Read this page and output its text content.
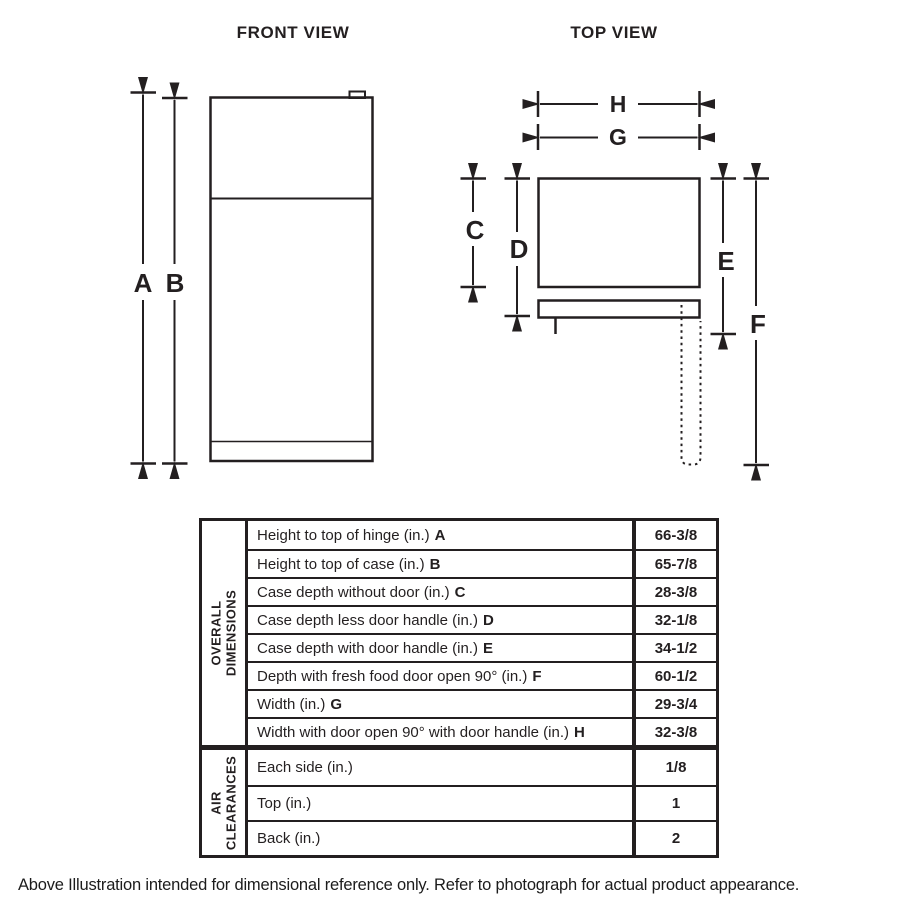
FRONT VIEW	TOP VIEW
A B
H
G
C
D	E
F
OVERALL DIMENSIONS
Height to top of hinge (in.) A	66-3/8
Height to top of case (in.) B	65-7/8
Case depth without door (in.) C	28-3/8
Case depth less door handle (in.) D	32-1/8
Case depth with door handle (in.) E	34-1/2
Depth with fresh food door open 90° (in.) F	60-1/2
Width (in.) G	29-3/4
Width with door open 90° with door handle (in.) H	32-3/8
AIR CLEARANCES Each side (in.)	1/8
Top (in.)	1
Back (in.)	2
Above Illustration intended for dimensional reference only. Refer to photograph for actual product appearance.
